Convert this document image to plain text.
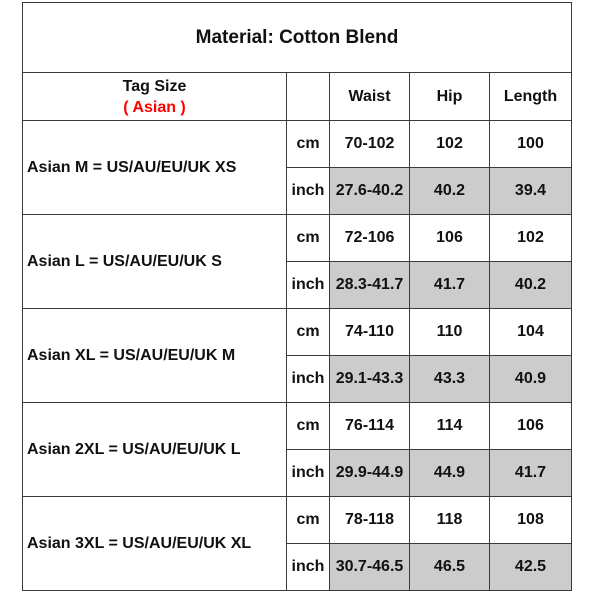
Material: Cotton Blend				

Tag Size
( Asian )		Waist	Hip	Length
Asian M = US/AU/EU/UK XS	cm	70-102	102	100
	inch	27.6-40.2	40.2	39.4
Asian L = US/AU/EU/UK S	cm	72-106	106	102
	inch	28.3-41.7	41.7	40.2
Asian XL = US/AU/EU/UK M	cm	74-110	110	104
	inch	29.1-43.3	43.3	40.9
Asian 2XL = US/AU/EU/UK L	cm	76-114	114	106
	inch	29.9-44.9	44.9	41.7
Asian 3XL = US/AU/EU/UK XL	cm	78-118	118	108
	inch	30.7-46.5	46.5	42.5
